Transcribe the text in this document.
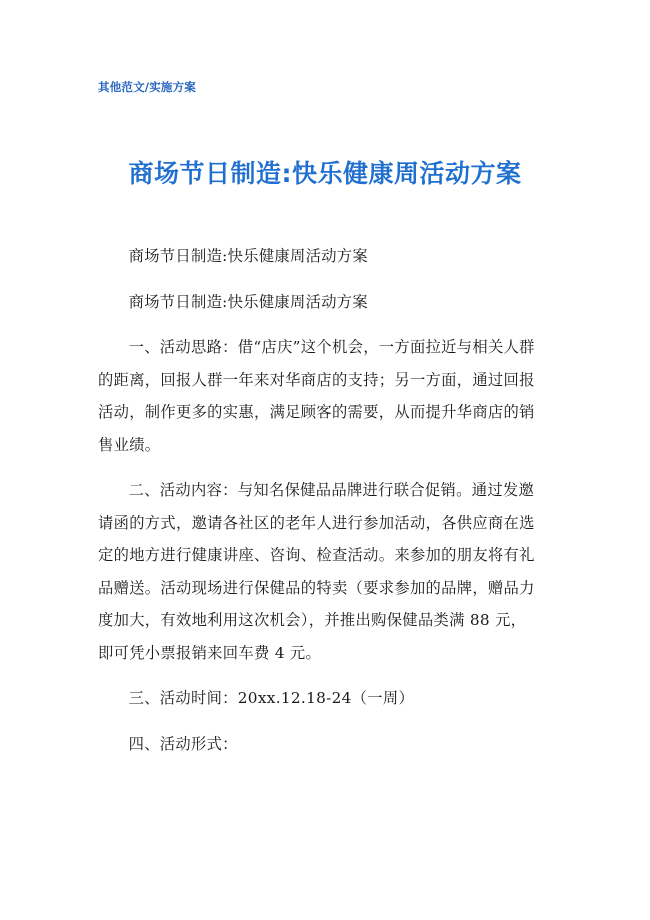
其他范文/实施方案
商场节日制造:快乐健康周活动方案

商场节日制造:快乐健康周活动方案

商场节日制造:快乐健康周活动方案

一、活动思路：借“店庆”这个机会，一方面拉近与相关人群
的距离，回报人群一年来对华商店的支持；另一方面，通过回报
活动，制作更多的实惠，满足顾客的需要，从而提升华商店的销
售业绩。

二、活动内容：与知名保健品品牌进行联合促销。通过发邀
请函的方式，邀请各社区的老年人进行参加活动，各供应商在选
定的地方进行健康讲座、咨询、检查活动。来参加的朋友将有礼
品赠送。活动现场进行保健品的特卖（要求参加的品牌，赠品力
度加大，有效地利用这次机会），并推出购保健品类满 88 元，
即可凭小票报销来回车费 4 元。

三、活动时间：20xx.12.18-24（一周）

四、活动形式：
